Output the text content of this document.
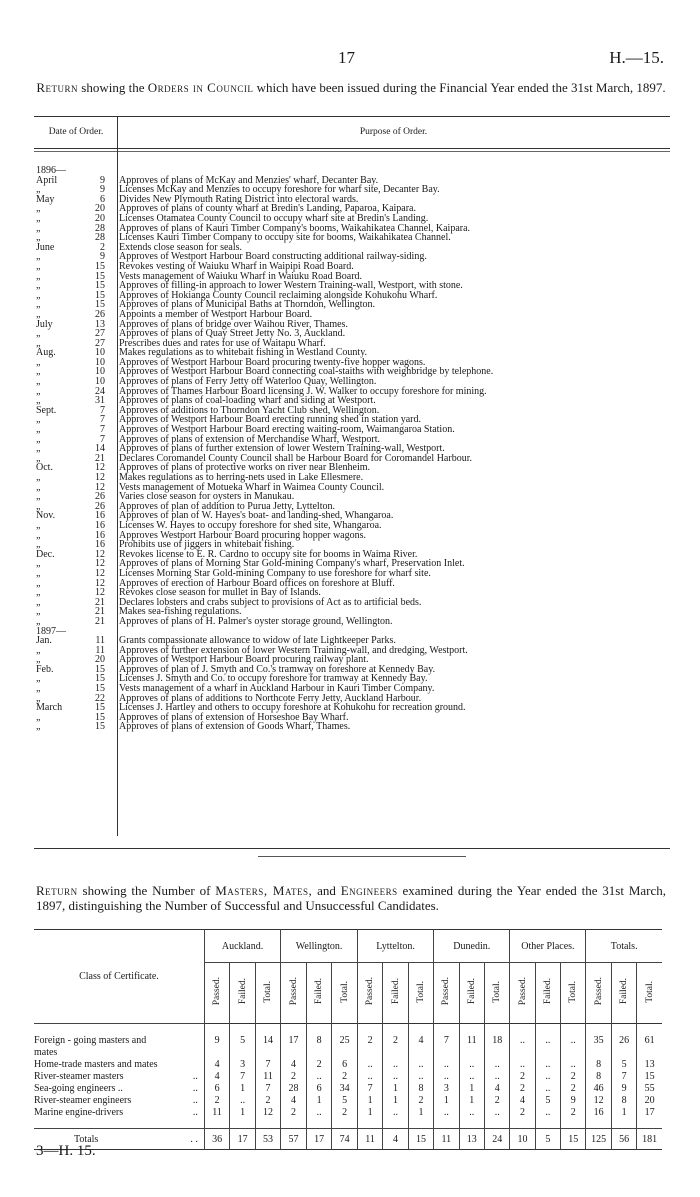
17	H.—15.
Return showing the Orders in Council which have been issued during the Financial Year ended the 31st March, 1897.
Date of Order.	Purpose of Order.
1896—
April	9	Approves of plans of McKay and Menzies' wharf, Decanter Bay.
„	9	Licenses McKay and Menzies to occupy foreshore for wharf site, Decanter Bay.
May	6	Divides New Plymouth Rating District into electoral wards.
„	20	Approves of plans of county wharf at Bredin's Landing, Paparoa, Kaipara.
„	20	Licenses Otamatea County Council to occupy wharf site at Bredin's Landing.
„	28	Approves of plans of Kauri Timber Company's booms, Waikahikatea Channel, Kaipara.
„	28	Licenses Kauri Timber Company to occupy site for booms, Waikahikatea Channel.
June	2	Extends close season for seals.
„	9	Approves of Westport Harbour Board constructing additional railway-siding.
„	15	Revokes vesting of Waiuku Wharf in Waipipi Road Board.
„	15	Vests management of Waiuku Wharf in Waiuku Road Board.
„	15	Approves of filling-in approach to lower Western Training-wall, Westport, with stone.
„	15	Approves of Hokianga County Council reclaiming alongside Kohukohu Wharf.
„	15	Approves of plans of Municipal Baths at Thorndon, Wellington.
„	26	Appoints a member of Westport Harbour Board.
July	13	Approves of plans of bridge over Waihou River, Thames.
„	27	Approves of plans of Quay Street Jetty No. 3, Auckland.
„	27	Prescribes dues and rates for use of Waitapu Wharf.
Aug.	10	Makes regulations as to whitebait fishing in Westland County.
„	10	Approves of Westport Harbour Board procuring twenty-five hopper wagons.
„	10	Approves of Westport Harbour Board connecting coal-staiths with weighbridge by telephone.
„	10	Approves of plans of Ferry Jetty off Waterloo Quay, Wellington.
„	24	Approves of Thames Harbour Board licensing J. W. Walker to occupy foreshore for mining.
„	31	Approves of plans of coal-loading wharf and siding at Westport.
Sept.	7	Approves of additions to Thorndon Yacht Club shed, Wellington.
„	7	Approves of Westport Harbour Board erecting running shed in station yard.
„	7	Approves of Westport Harbour Board erecting waiting-room, Waimangaroa Station.
„	7	Approves of plans of extension of Merchandise Wharf, Westport.
„	14	Approves of plans of further extension of lower Western Training-wall, Westport.
„	21	Declares Coromandel County Council shall be Harbour Board for Coromandel Harbour.
Oct.	12	Approves of plans of protective works on river near Blenheim.
„	12	Makes regulations as to herring-nets used in Lake Ellesmere.
„	12	Vests management of Motueka Wharf in Waimea County Council.
„	26	Varies close season for oysters in Manukau.
„	26	Approves of plan of addition to Purua Jetty, Lyttelton.
Nov.	16	Approves of plan of W. Hayes's boat- and landing-shed, Whangaroa.
„	16	Licenses W. Hayes to occupy foreshore for shed site, Whangaroa.
„	16	Approves Westport Harbour Board procuring hopper wagons.
„	16	Prohibits use of jiggers in whitebait fishing.
Dec.	12	Revokes license to E. R. Cardno to occupy site for booms in Waima River.
„	12	Approves of plans of Morning Star Gold-mining Company's wharf, Preservation Inlet.
„	12	Licenses Morning Star Gold-mining Company to use foreshore for wharf site.
„	12	Approves of erection of Harbour Board offices on foreshore at Bluff.
„	12	Revokes close season for mullet in Bay of Islands.
„	21	Declares lobsters and crabs subject to provisions of Act as to artificial beds.
„	21	Makes sea-fishing regulations.
„	21	Approves of plans of H. Palmer's oyster storage ground, Wellington.
1897—
Jan.	11	Grants compassionate allowance to widow of late Lightkeeper Parks.
„	11	Approves of further extension of lower Western Training-wall, and dredging, Westport.
„	20	Approves of Westport Harbour Board procuring railway plant.
Feb.	15	Approves of plan of J. Smyth and Co.'s tramway on foreshore at Kennedy Bay.
„	15	Licenses J. Smyth and Co. to occupy foreshore for tramway at Kennedy Bay.
„	15	Vests management of a wharf in Auckland Harbour in Kauri Timber Company.
„	22	Approves of plans of additions to Northcote Ferry Jetty, Auckland Harbour.
March	15	Licenses J. Hartley and others to occupy foreshore at Kohukohu for recreation ground.
„	15	Approves of plans of extension of Horseshoe Bay Wharf.
„	15	Approves of plans of extension of Goods Wharf, Thames.
Return showing the Number of Masters, Mates, and Engineers examined during the Year ended the 31st March, 1897, distinguishing the Number of Successful and Unsuccessful Candidates.
Class of Certificate.	Auckland.			Wellington.			Lyttelton.			Dunedin.			Other Places.			Totals.		
	Passed.	Failed.	Total.	Passed.	Failed.	Total.	Passed.	Failed.	Total.	Passed.	Failed.	Total.	Passed.	Failed.	Total.	Passed.	Failed.	Total.

Foreign - going masters and	9	5	14	17	8	25	2	2	4	7	11	18	..	..	..	35	26	61
mates																		
Home-trade masters and mates	4	3	7	4	2	6	..	..	..	..	..	..	..	..	..	8	5	13
River-steamer masters ..	4	7	11	2	..	2	..	..	..	..	..	..	2	..	2	8	7	15
Sea-going engineers .. ..	6	1	7	28	6	34	7	1	8	3	1	4	2	..	2	46	9	55
River-steamer engineers ..	2	..	2	4	1	5	1	1	2	1	1	2	4	5	9	12	8	20
Marine engine-drivers ..	11	1	12	2	..	2	1	..	1	..	..	..	2	..	2	16	1	17

Totals . .	36	17	53	57	17	74	11	4	15	11	13	24	10	5	15	125	56	181
3—H. 15.
